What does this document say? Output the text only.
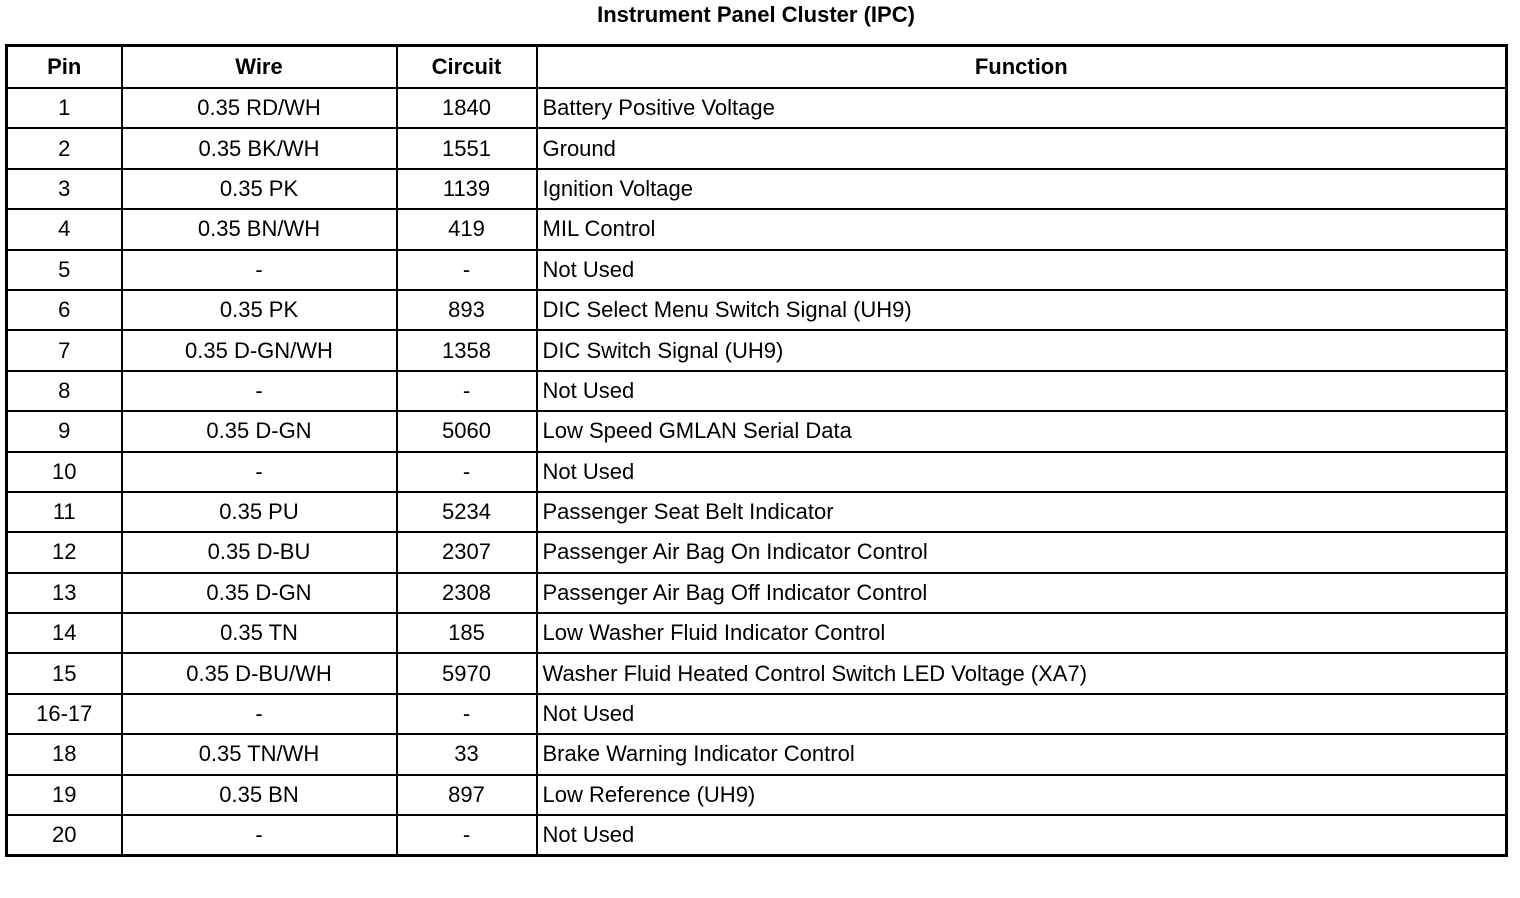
Instrument Panel Cluster (IPC)
Pin	Wire	Circuit	Function
1	0.35 RD/WH	1840	Battery Positive Voltage
2	0.35 BK/WH	1551	Ground
3	0.35 PK	1139	Ignition Voltage
4	0.35 BN/WH	419	MIL Control
5	-	-	Not Used
6	0.35 PK	893	DIC Select Menu Switch Signal (UH9)
7	0.35 D-GN/WH	1358	DIC Switch Signal (UH9)
8	-	-	Not Used
9	0.35 D-GN	5060	Low Speed GMLAN Serial Data
10	-	-	Not Used
11	0.35 PU	5234	Passenger Seat Belt Indicator
12	0.35 D-BU	2307	Passenger Air Bag On Indicator Control
13	0.35 D-GN	2308	Passenger Air Bag Off Indicator Control
14	0.35 TN	185	Low Washer Fluid Indicator Control
15	0.35 D-BU/WH	5970	Washer Fluid Heated Control Switch LED Voltage (XA7)
16-17	-	-	Not Used
18	0.35 TN/WH	33	Brake Warning Indicator Control
19	0.35 BN	897	Low Reference (UH9)
20	-	-	Not Used
